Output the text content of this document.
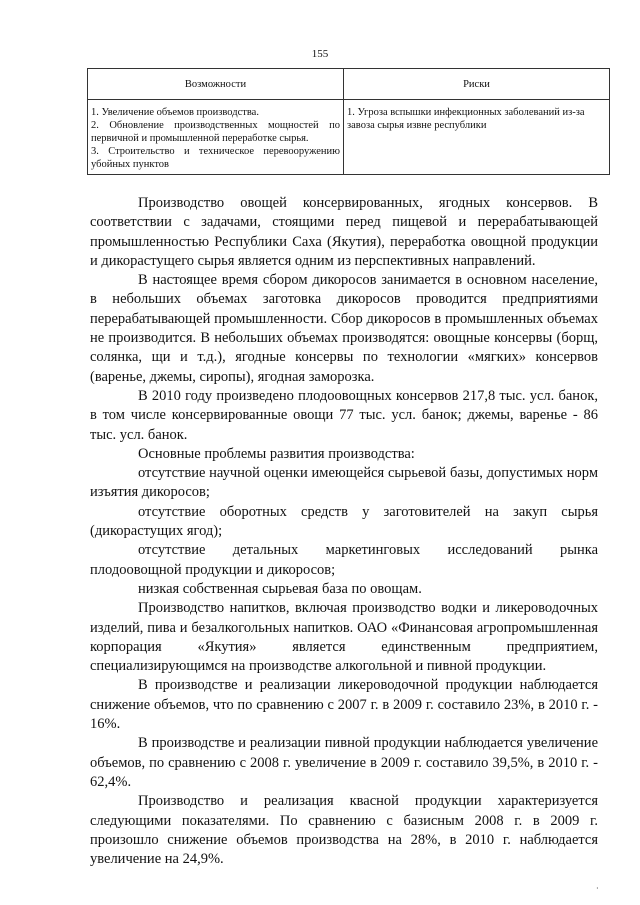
155
Возможности	Риски

1. Увеличение объемов производства.
2. Обновление производственных мощностей по первичной и промышленной переработке сырья.
3. Строительство и техническое перевооружению убойных пунктов	1. Угроза вспышки инфекционных заболеваний из-за завоза сырья извне республики

Производство овощей консервированных, ягодных консервов. В соответствии с задачами, стоящими перед пищевой и перерабатывающей промышленностью Республики Саха (Якутия), переработка овощной продукции и дикорастущего сырья является одним из перспективных направлений.

В настоящее время сбором дикоросов занимается в основном население, в небольших объемах заготовка дикоросов проводится предприятиями перерабатывающей промышленности. Сбор дикоросов в промышленных объемах не производится. В небольших объемах производятся: овощные консервы (борщ, солянка, щи и т.д.), ягодные консервы по технологии «мягких» консервов (варенье, джемы, сиропы), ягодная заморозка.

В 2010 году произведено плодоовощных консервов 217,8 тыс. усл. банок, в том числе консервированные овощи 77 тыс. усл. банок; джемы, варенье - 86 тыс. усл. банок.

Основные проблемы развития производства:

отсутствие научной оценки имеющейся сырьевой базы, допустимых норм изъятия дикоросов;

отсутствие оборотных средств у заготовителей на закуп сырья (дикорастущих ягод);

отсутствие детальных маркетинговых исследований рынка плодоовощной продукции и дикоросов;

низкая собственная сырьевая база по овощам.

Производство напитков, включая производство водки и ликероводочных изделий, пива и безалкогольных напитков. ОАО «Финансовая агропромышленная корпорация «Якутия» является единственным предприятием, специализирующимся на производстве алкогольной и пивной продукции.

В производстве и реализации ликероводочной продукции наблюдается снижение объемов, что по сравнению с 2007 г. в 2009 г. составило 23%, в 2010 г. - 16%.

В производстве и реализации пивной продукции наблюдается увеличение объемов, по сравнению с 2008 г. увеличение в 2009 г. составило 39,5%, в 2010 г. - 62,4%.

Производство и реализация квасной продукции характеризуется следующими показателями. По сравнению с базисным 2008 г. в 2009 г. произошло снижение объемов производства на 28%, в 2010 г. наблюдается увеличение на 24,9%.

·
